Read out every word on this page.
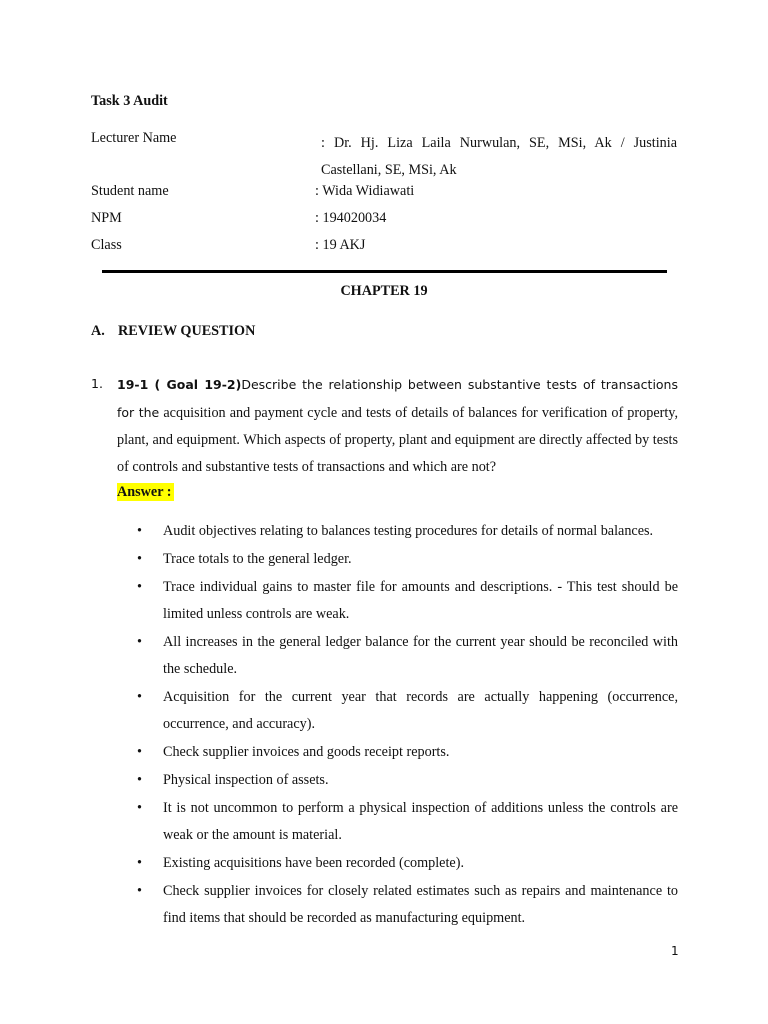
Task 3 Audit
Lecturer Name	: Dr. Hj. Liza Laila Nurwulan, SE, MSi, Ak / Justinia
Castellani, SE, MSi, Ak
Student name	: Wida Widiawati
NPM	: 194020034
Class	: 19 AKJ
CHAPTER 19
A. REVIEW QUESTION
1. 19-1 ( Goal 19-2)Describe the relationship between substantive tests of transactions for the acquisition and payment cycle and tests of details of balances for verification of property, plant, and equipment. Which aspects of property, plant and equipment are directly affected by tests of controls and substantive tests of transactions and which are not?
Answer :
• Audit objectives relating to balances testing procedures for details of normal balances.
• Trace totals to the general ledger.
• Trace individual gains to master file for amounts and descriptions. - This test should be limited unless controls are weak.
• All increases in the general ledger balance for the current year should be reconciled with the schedule.
• Acquisition for the current year that records are actually happening (occurrence, occurrence, and accuracy).
• Check supplier invoices and goods receipt reports.
• Physical inspection of assets.
• It is not uncommon to perform a physical inspection of additions unless the controls are weak or the amount is material.
• Existing acquisitions have been recorded (complete).
• Check supplier invoices for closely related estimates such as repairs and maintenance to find items that should be recorded as manufacturing equipment.
1
